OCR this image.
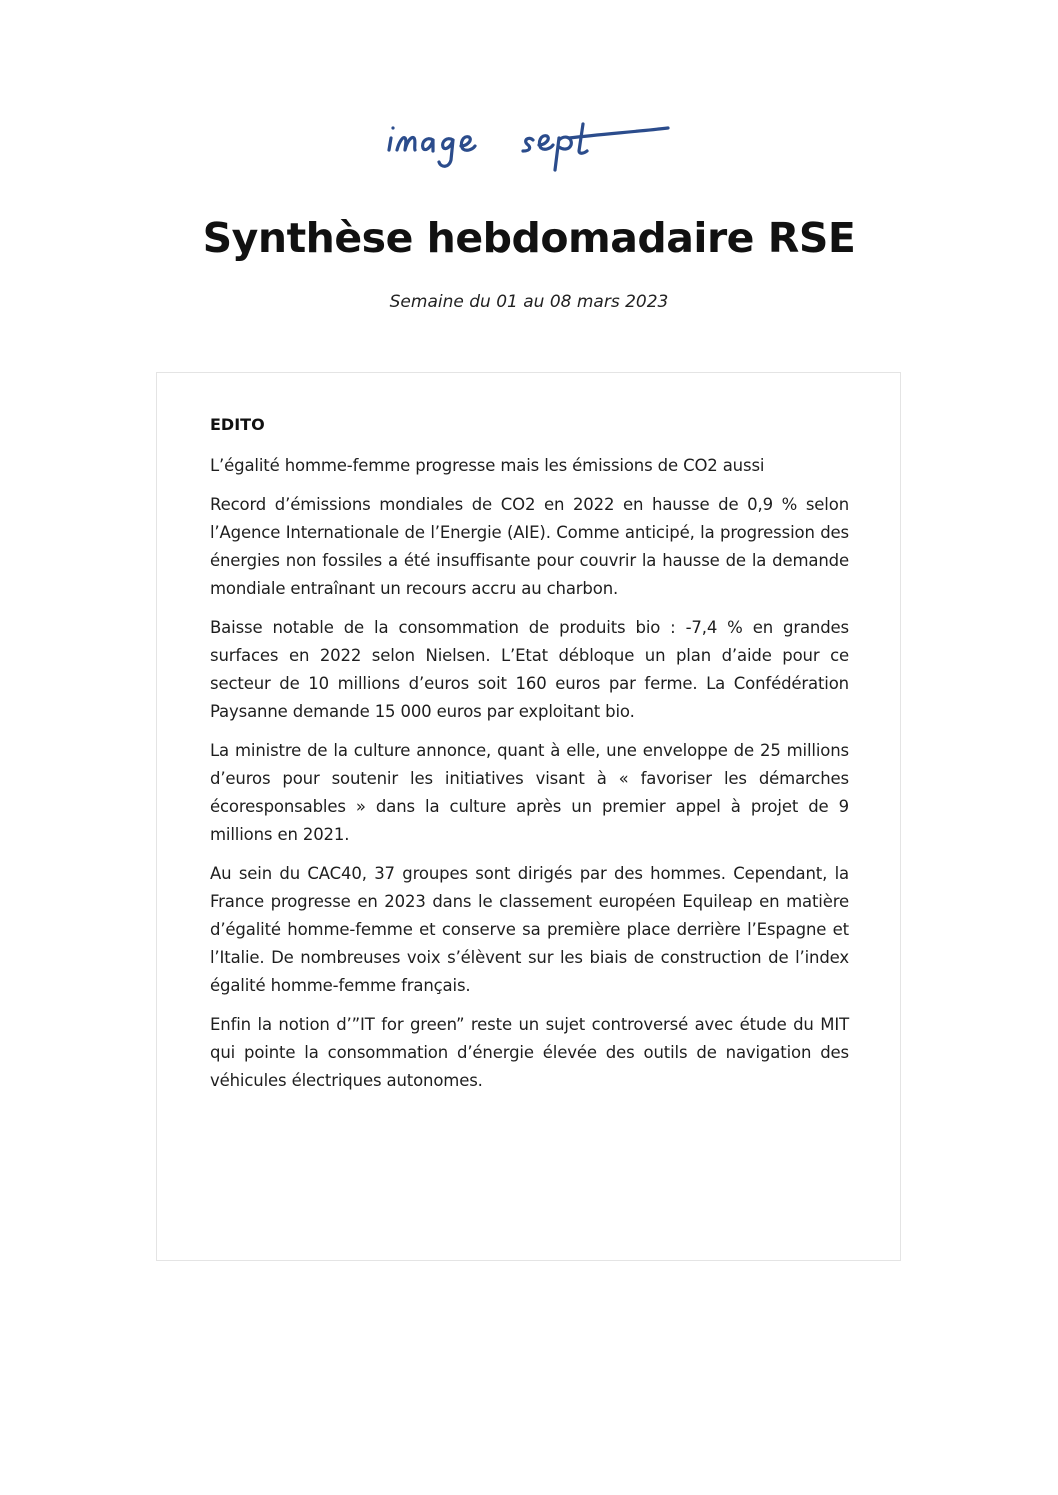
Synthèse hebdomadaire RSE

Semaine du 01 au 08 mars 2023

EDITO

L’égalité homme-femme progresse mais les émissions de CO2 aussi

Record d’émissions mondiales de CO2 en 2022 en hausse de 0,9 % selon l’Agence Internationale de l’Energie (AIE). Comme anticipé, la progression des énergies non fossiles a été insuffisante pour couvrir la hausse de la demande mondiale entraînant un recours accru au charbon.

Baisse notable de la consommation de produits bio : -7,4 % en grandes surfaces en 2022 selon Nielsen. L’Etat débloque un plan d’aide pour ce secteur de 10 millions d’euros soit 160 euros par ferme. La Confédération Paysanne demande 15 000 euros par exploitant bio.

La ministre de la culture annonce, quant à elle, une enveloppe de 25 millions d’euros pour soutenir les initiatives visant à « favoriser les démarches écoresponsables » dans la culture après un premier appel à projet de 9 millions en 2021.

Au sein du CAC40, 37 groupes sont dirigés par des hommes. Cependant, la France progresse en 2023 dans le classement européen Equileap en matière d’égalité homme-femme et conserve sa première place derrière l’Espagne et l’Italie. De nombreuses voix s’élèvent sur les biais de construction de l’index égalité homme-femme français.

Enfin la notion d’”IT for green” reste un sujet controversé avec étude du MIT qui pointe la consommation d’énergie élevée des outils de navigation des véhicules électriques autonomes.
